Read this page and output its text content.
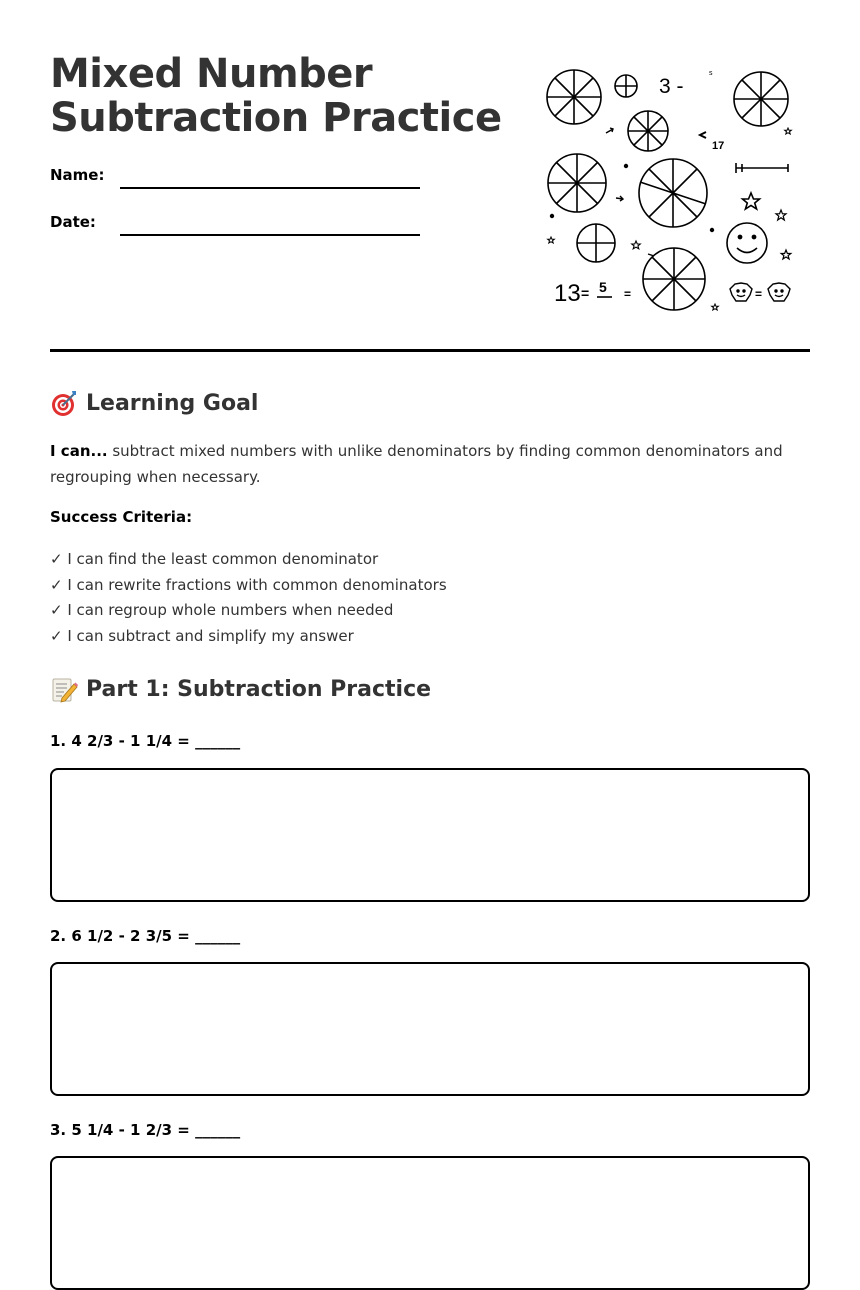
Mixed Number
Subtraction Practice
Name:
Date:
3 -
s
17
13 = 5 =	=
Learning Goal

I can... subtract mixed numbers with unlike denominators by finding common denominators and regrouping when necessary.

Success Criteria:
✓ I can find the least common denominator
✓ I can rewrite fractions with common denominators
✓ I can regroup whole numbers when needed
✓ I can subtract and simplify my answer
Part 1: Subtraction Practice
1. 4 2/3 - 1 1/4 = ______
2. 6 1/2 - 2 3/5 = ______
3. 5 1/4 - 1 2/3 = ______
